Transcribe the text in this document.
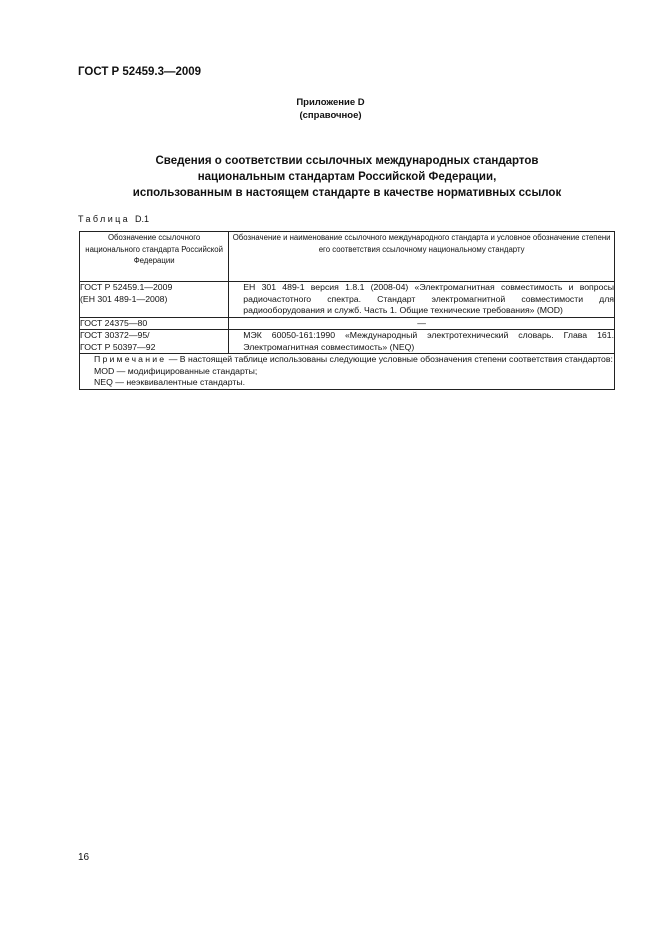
ГОСТ Р 52459.3—2009
Приложение D
(справочное)
Сведения о соответствии ссылочных международных стандартов
национальным стандартам Российской Федерации,
использованным в настоящем стандарте в качестве нормативных ссылок
Таблица D.1
Обозначение ссылочного национального стандарта Российской Федерации	Обозначение и наименование ссылочного международного стандарта и условное обозначение степени его соответствия ссылочному национальному стандарту

ГОСТ Р 52459.1—2009
(ЕН 301 489-1—2008)	ЕН 301 489-1 версия 1.8.1 (2008-04) «Электромагнитная совместимость и вопросы радиочастотного спектра. Стандарт электромагнитной совместимости для радиооборудования и служб. Часть 1. Общие технические требования» (MOD)

ГОСТ 24375—80	—

ГОСТ 30372—95/
ГОСТ Р 50397—92	МЭК 60050-161:1990 «Международный электротехнический словарь. Глава 161. Электромагнитная совместимость» (NEQ)

Примечание — В настоящей таблице использованы следующие условные обозначения степени соответствия стандартов:
MOD — модифицированные стандарты;
NEQ — неэквивалентные стандарты.	
16
